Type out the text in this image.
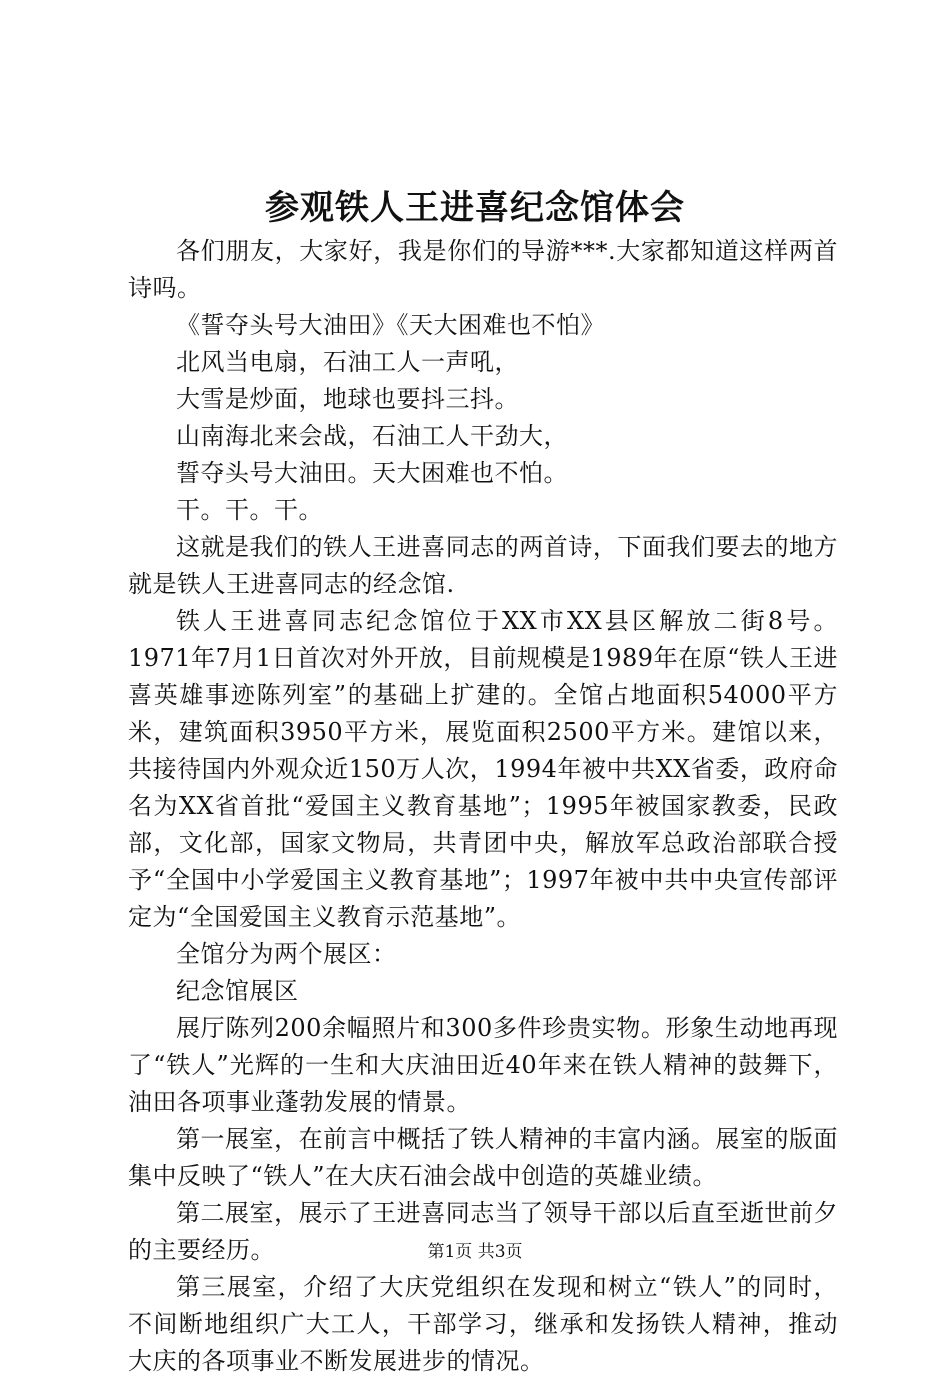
参观铁人王进喜纪念馆体会

各们朋友，大家好，我是你们的导游***.大家都知道这样两首诗吗。

《誓夺头号大油田》《天大困难也不怕》

北风当电扇，石油工人一声吼，

大雪是炒面，地球也要抖三抖。

山南海北来会战，石油工人干劲大，

誓夺头号大油田。天大困难也不怕。

干。干。干。

这就是我们的铁人王进喜同志的两首诗，下面我们要去的地方就是铁人王进喜同志的经念馆.

铁人王进喜同志纪念馆位于XX市XX县区解放二街8号。1971年7月1日首次对外开放，目前规模是1989年在原“铁人王进喜英雄事迹陈列室”的基础上扩建的。全馆占地面积54000平方米，建筑面积3950平方米，展览面积2500平方米。建馆以来，共接待国内外观众近150万人次，1994年被中共XX省委，政府命名为XX省首批“爱国主义教育基地”；1995年被国家教委，民政部，文化部，国家文物局，共青团中央，解放军总政治部联合授予“全国中小学爱国主义教育基地”；1997年被中共中央宣传部评定为“全国爱国主义教育示范基地”。

全馆分为两个展区：

纪念馆展区

展厅陈列200余幅照片和300多件珍贵实物。形象生动地再现了“铁人”光辉的一生和大庆油田近40年来在铁人精神的鼓舞下，油田各项事业蓬勃发展的情景。

第一展室，在前言中概括了铁人精神的丰富内涵。展室的版面集中反映了“铁人”在大庆石油会战中创造的英雄业绩。

第二展室，展示了王进喜同志当了领导干部以后直至逝世前夕的主要经历。

第三展室，介绍了大庆党组织在发现和树立“铁人”的同时，不间断地组织广大工人，干部学习，继承和发扬铁人精神，推动大庆的各项事业不断发展进步的情况。

第1页 共3页
